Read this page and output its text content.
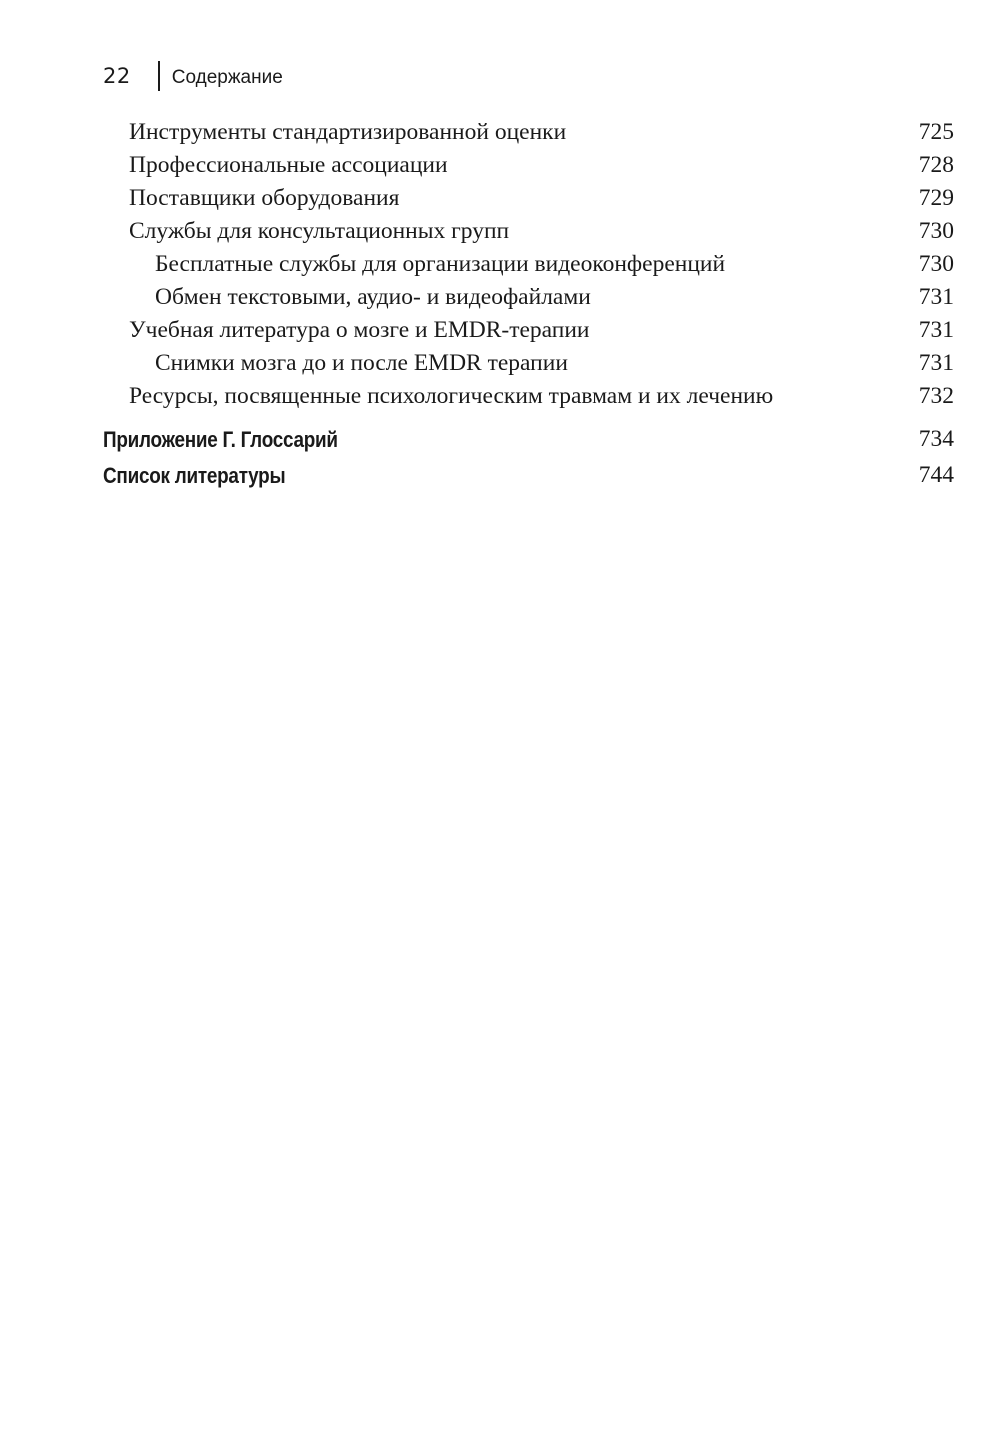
22 Содержание
Инструменты стандартизированной оценки	725
Профессиональные ассоциации	728
Поставщики оборудования	729
Службы для консультационных групп	730
Бесплатные службы для организации видеоконференций	730
Обмен текстовыми, аудио- и видеофайлами	731
Учебная литература о мозге и EMDR-терапии	731
Снимки мозга до и после EMDR терапии	731
Ресурсы, посвященные психологическим травмам и их лечению	732
Приложение Г. Глоссарий	734
Список литературы	744
